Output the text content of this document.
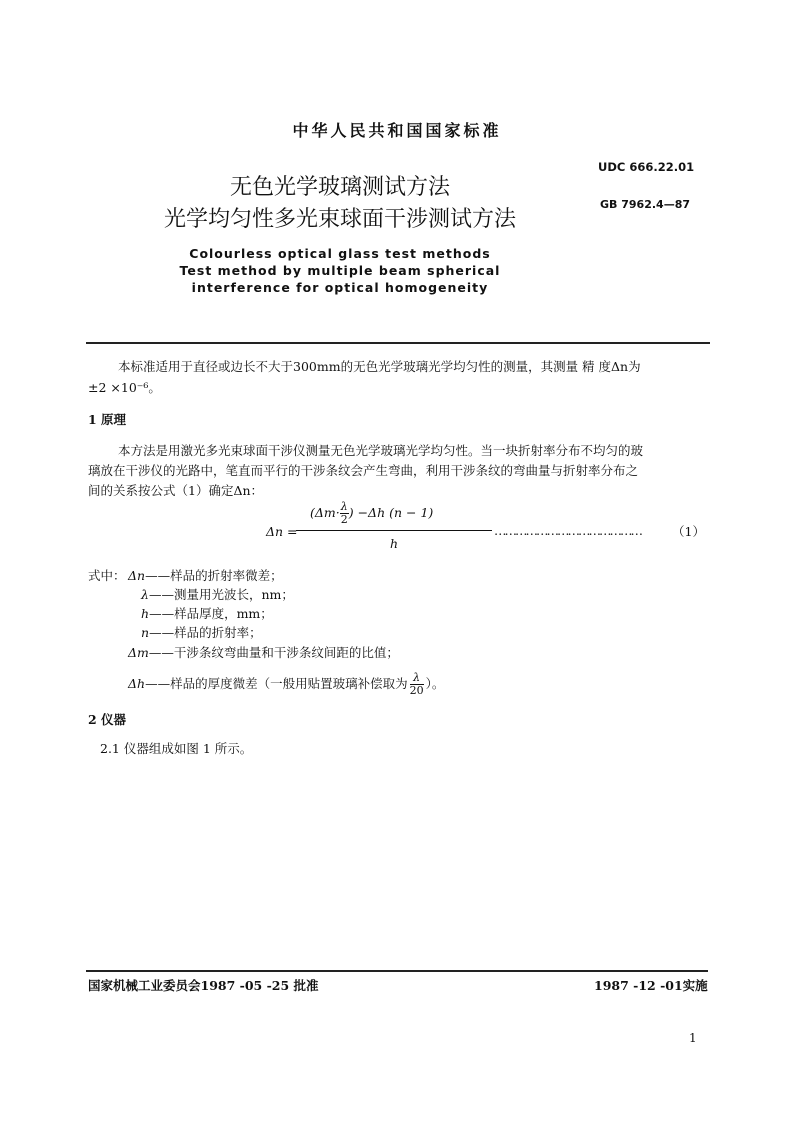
中华人民共和国国家标准
UDC 666.22.01
GB 7962.4—87
无色光学玻璃测试方法
光学均匀性多光束球面干涉测试方法
Colourless optical glass test methods
Test method by multiple beam spherical
interference for optical homogeneity
本标准适用于直径或边长不大于300mm的无色光学玻璃光学均匀性的测量，其测量 精 度Δn为
±2 ×10⁻⁶。
1 原理
本方法是用激光多光束球面干涉仪测量无色光学玻璃光学均匀性。当一块折射率分布不均匀的玻
璃放在干涉仪的光路中，笔直而平行的干涉条纹会产生弯曲，利用干涉条纹的弯曲量与折射率分布之
间的关系按公式（1）确定Δn：
Δn =
($\Delta m\cdot \frac{\lambda}{2}$ ) −Δh (n − 1)
h
…………………………………… （1）
式中： Δn——样品的折射率微差；
λ——测量用光波长，nm；
h——样品厚度，mm；
n——样品的折射率；
Δm——干涉条纹弯曲量和干涉条纹间距的比值；
Δh——样品的厚度微差（一般用贴置玻璃补偿取为 $\frac{\lambda}{20}$ ）。
2 仪器
2.1 仪器组成如图 1 所示。
国家机械工业委员会1987 -05 -25 批准	1987 -12 -01实施
1
